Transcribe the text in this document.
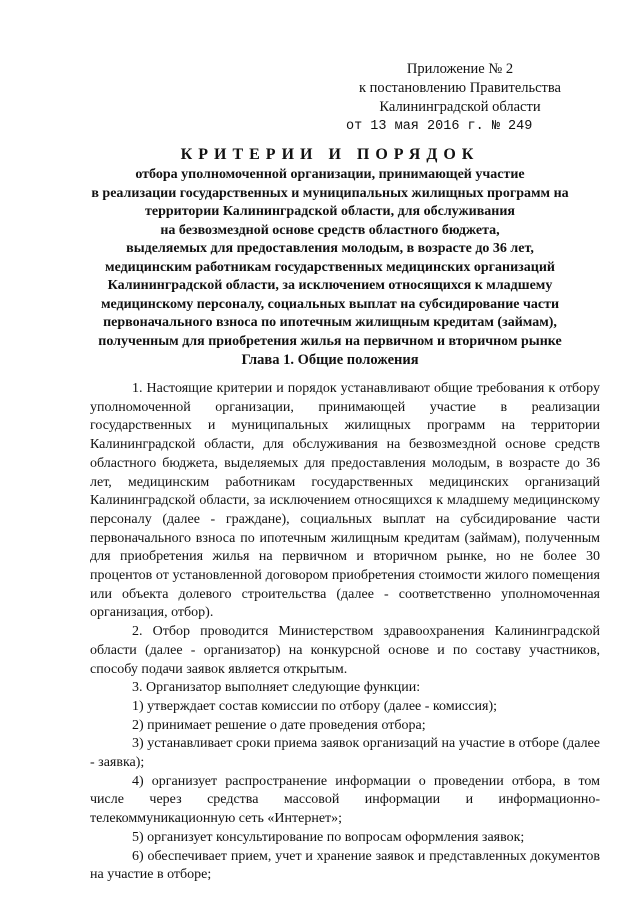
Приложение № 2
к постановлению Правительства
Калининградской области
от 13 мая 2016 г. № 249
КРИТЕРИИ И ПОРЯДОК
отбора уполномоченной организации, принимающей участие
в реализации государственных и муниципальных жилищных программ на
территории Калининградской области, для обслуживания
на безвозмездной основе средств областного бюджета,
выделяемых для предоставления молодым, в возрасте до 36 лет,
медицинским работникам государственных медицинских организаций
Калининградской области, за исключением относящихся к младшему
медицинскому персоналу, социальных выплат на субсидирование части
первоначального взноса по ипотечным жилищным кредитам (займам),
полученным для приобретения жилья на первичном и вторичном рынке
Глава 1. Общие положения

1. Настоящие критерии и порядок устанавливают общие требования к отбору уполномоченной организации, принимающей участие в реализации государственных и муниципальных жилищных программ на территории Калининградской области, для обслуживания на безвозмездной основе средств областного бюджета, выделяемых для предоставления молодым, в возрасте до 36 лет, медицинским работникам государственных медицинских организаций Калининградской области, за исключением относящихся к младшему медицинскому персоналу (далее - граждане), социальных выплат на субсидирование части первоначального взноса по ипотечным жилищным кредитам (займам), полученным для приобретения жилья на первичном и вторичном рынке, но не более 30 процентов от установленной договором приобретения стоимости жилого помещения или объекта долевого строительства (далее - соответственно уполномоченная организация, отбор).

2. Отбор проводится Министерством здравоохранения Калининградской области (далее - организатор) на конкурсной основе и по составу участников, способу подачи заявок является открытым.

3. Организатор выполняет следующие функции:

1) утверждает состав комиссии по отбору (далее - комиссия);

2) принимает решение о дате проведения отбора;

3) устанавливает сроки приема заявок организаций на участие в отборе (далее - заявка);

4) организует распространение информации о проведении отбора, в том числе через средства массовой информации и информационно-телекоммуникационную сеть «Интернет»;

5) организует консультирование по вопросам оформления заявок;

6) обеспечивает прием, учет и хранение заявок и представленных документов на участие в отборе;
